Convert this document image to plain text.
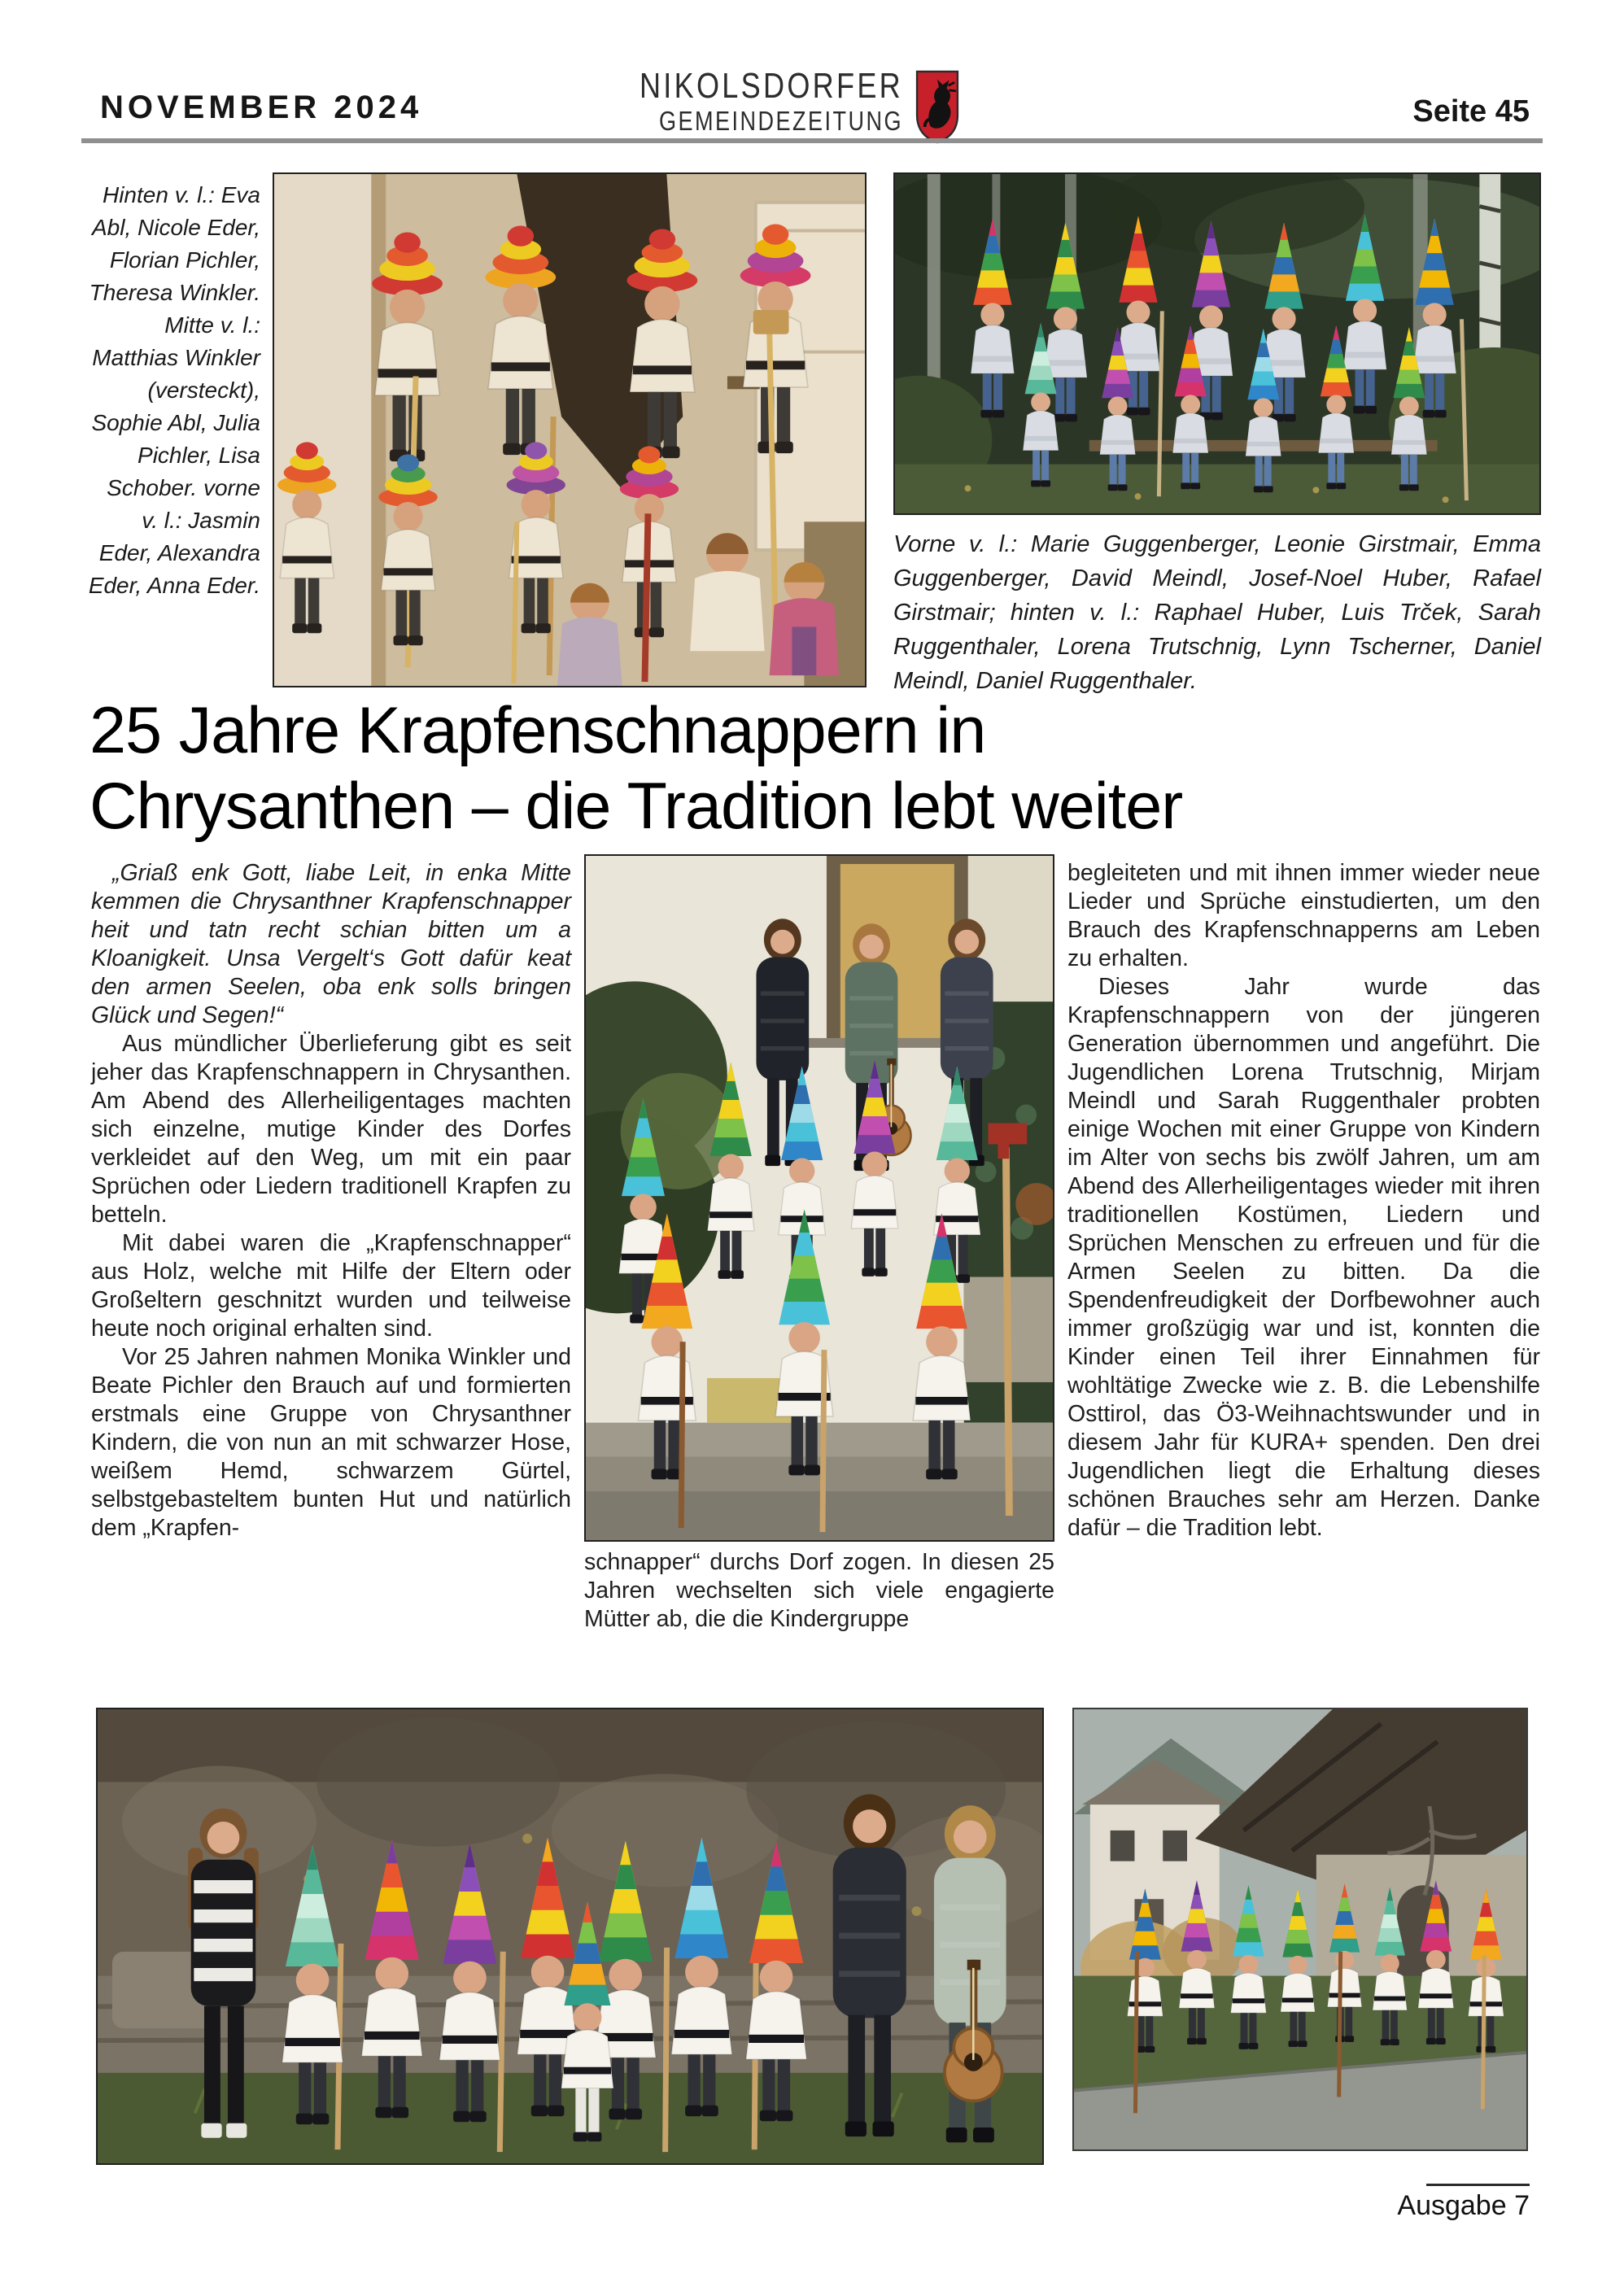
NOVEMBER 2024
NIKOLSDORFER
GEMEINDEZEITUNG	Seite 45
Hinten v. l.: Eva Abl, Nicole Eder, Florian Pichler, Theresa Winkler. Mitte v. l.: Matthias Winkler (versteckt), Sophie Abl, Julia Pichler, Lisa Schober. vorne v. l.: Jasmin Eder, Alexandra Eder, Anna Eder.
Vorne v. l.: Marie Guggenberger, Leonie Girstmair, Emma Guggenberger, David Meindl, Josef-Noel Huber, Rafael Girstmair; hinten v. l.: Raphael Huber, Luis Trček, Sarah Ruggenthaler, Lorena Trutschnig, Lynn Tscherner, Daniel Meindl, Daniel Ruggenthaler.
25 Jahre Krapfenschnappern in
Chrysanthen – die Tradition lebt weiter

„Griaß enk Gott, liabe Leit, in enka Mitte kemmen die Chrysanthner Krapfenschnapper heit und tatn recht schian bitten um a Kloanigkeit. Unsa Vergelt‘s Gott dafür keat den armen Seelen, oba enk solls bringen Glück und Segen!“

Aus mündlicher Überlieferung gibt es seit jeher das Krapfenschnappern in Chrysanthen. Am Abend des Allerheiligentages machten sich einzelne, mutige Kinder des Dorfes verkleidet auf den Weg, um mit ein paar Sprüchen oder Liedern traditionell Krapfen zu betteln.

Mit dabei waren die „Krapfenschnapper“ aus Holz, welche mit Hilfe der Eltern oder Großeltern geschnitzt wurden und teilweise heute noch original erhalten sind.

Vor 25 Jahren nahmen Monika Winkler und Beate Pichler den Brauch auf und formierten erstmals eine Gruppe von Chrysanthner Kindern, die von nun an mit schwarzer Hose, weißem Hemd, schwarzem Gürtel, selbstgebasteltem bunten Hut und natürlich dem „Krapfen-

schnapper“ durchs Dorf zogen. In diesen 25 Jahren wechselten sich viele engagierte Mütter ab, die die Kindergruppe

begleiteten und mit ihnen immer wieder neue Lieder und Sprüche einstudierten, um den Brauch des Krapfenschnapperns am Leben zu erhalten.

Dieses Jahr wurde das Krapfenschnappern von der jüngeren Generation übernommen und angeführt. Die Jugendlichen Lorena Trutschnig, Mirjam Meindl und Sarah Ruggenthaler probten einige Wochen mit einer Gruppe von Kindern im Alter von sechs bis zwölf Jahren, um am Abend des Allerheiligentages wieder mit ihren traditionellen Kostümen, Liedern und Sprüchen Menschen zu erfreuen und für die Armen Seelen zu bitten. Da die Spendenfreudigkeit der Dorfbewohner auch immer großzügig war und ist, konnten die Kinder einen Teil ihrer Einnahmen für wohltätige Zwecke wie z. B. die Lebenshilfe Osttirol, das Ö3-Weihnachtswunder und in diesem Jahr für KURA+ spenden. Den drei Jugendlichen liegt die Erhaltung dieses schönen Brauches sehr am Herzen. Danke dafür – die Tradition lebt.

Ausgabe 7
